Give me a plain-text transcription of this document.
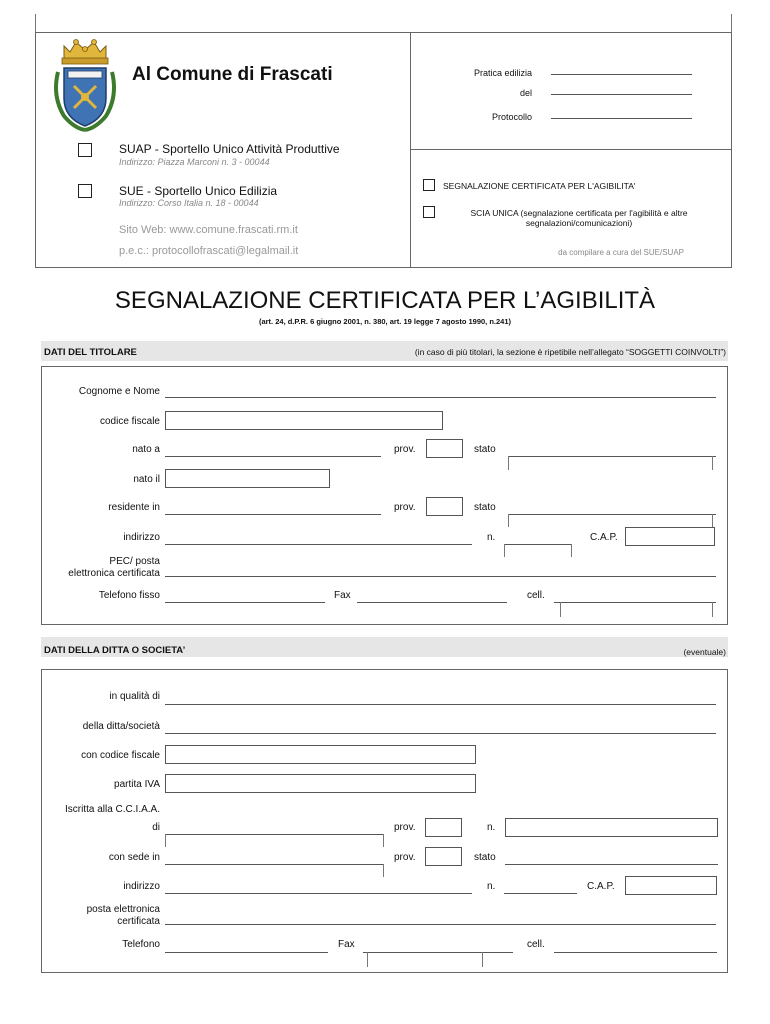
Al Comune di Frascati
SUAP - Sportello Unico Attività Produttive
Indirizzo: Piazza Marconi n. 3 - 00044
SUE - Sportello Unico Edilizia
Indirizzo: Corso Italia n. 18 - 00044
Sito Web: www.comune.frascati.rm.it
p.e.c.: protocollofrascati@legalmail.it
Pratica edilizia
del
Protocollo
SEGNALAZIONE CERTIFICATA PER L'AGIBILITA'
SCIA UNICA (segnalazione certificata per l'agibilità e altre segnalazioni/comunicazioni)
da compilare a cura del SUE/SUAP
SEGNALAZIONE CERTIFICATA PER L’AGIBILITÀ
(art. 24, d.P.R. 6 giugno 2001, n. 380, art. 19 legge 7 agosto 1990, n.241)
DATI DEL TITOLARE	(in caso di più titolari, la sezione è ripetibile nell’allegato “SOGGETTI COINVOLTI”)
Cognome e Nome
codice fiscale
nato a	prov.	stato
nato il
residente in	prov.	stato
indirizzo	n.	C.A.P.
PEC/ posta
elettronica certificata
Telefono fisso	Fax	cell.
DATI DELLA DITTA O SOCIETA’	(eventuale)
in qualità di
della ditta/società
con codice fiscale
partita IVA
Iscritta alla C.C.I.A.A.
di	prov.	n.
con sede in	prov.	stato
indirizzo	n.	C.A.P.
posta elettronica
certificata
Telefono	Fax	cell.
